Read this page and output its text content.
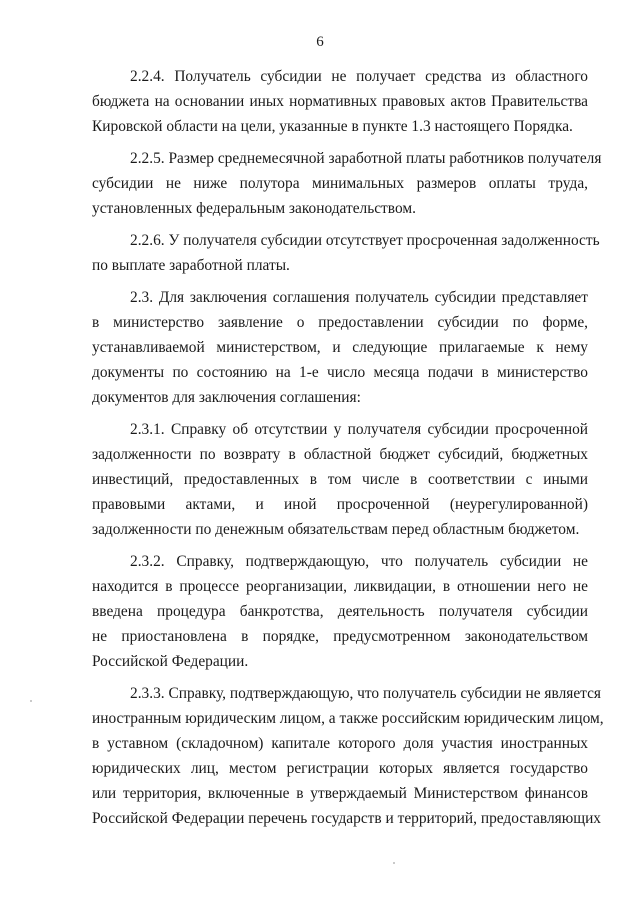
6

2.2.4. Получатель субсидии не получает средства из областного
бюджета на основании иных нормативных правовых актов Правительства
Кировской области на цели, указанные в пункте 1.3 настоящего Порядка.

2.2.5. Размер среднемесячной заработной платы работников получателя
субсидии не ниже полутора минимальных размеров оплаты труда,
установленных федеральным законодательством.

2.2.6. У получателя субсидии отсутствует просроченная задолженность
по выплате заработной платы.

2.3. Для заключения соглашения получатель субсидии представляет
в министерство заявление о предоставлении субсидии по форме,
устанавливаемой министерством, и следующие прилагаемые к нему
документы по состоянию на 1-е число месяца подачи в министерство
документов для заключения соглашения:

2.3.1. Справку об отсутствии у получателя субсидии просроченной
задолженности по возврату в областной бюджет субсидий, бюджетных
инвестиций, предоставленных в том числе в соответствии с иными
правовыми актами, и иной просроченной (неурегулированной)
задолженности по денежным обязательствам перед областным бюджетом.

2.3.2. Справку, подтверждающую, что получатель субсидии не
находится в процессе реорганизации, ликвидации, в отношении него не
введена процедура банкротства, деятельность получателя субсидии
не приостановлена в порядке, предусмотренном законодательством
Российской Федерации.

2.3.3. Справку, подтверждающую, что получатель субсидии не является
иностранным юридическим лицом, а также российским юридическим лицом,
в уставном (складочном) капитале которого доля участия иностранных
юридических лиц, местом регистрации которых является государство
или территория, включенные в утверждаемый Министерством финансов
Российской Федерации перечень государств и территорий, предоставляющих
